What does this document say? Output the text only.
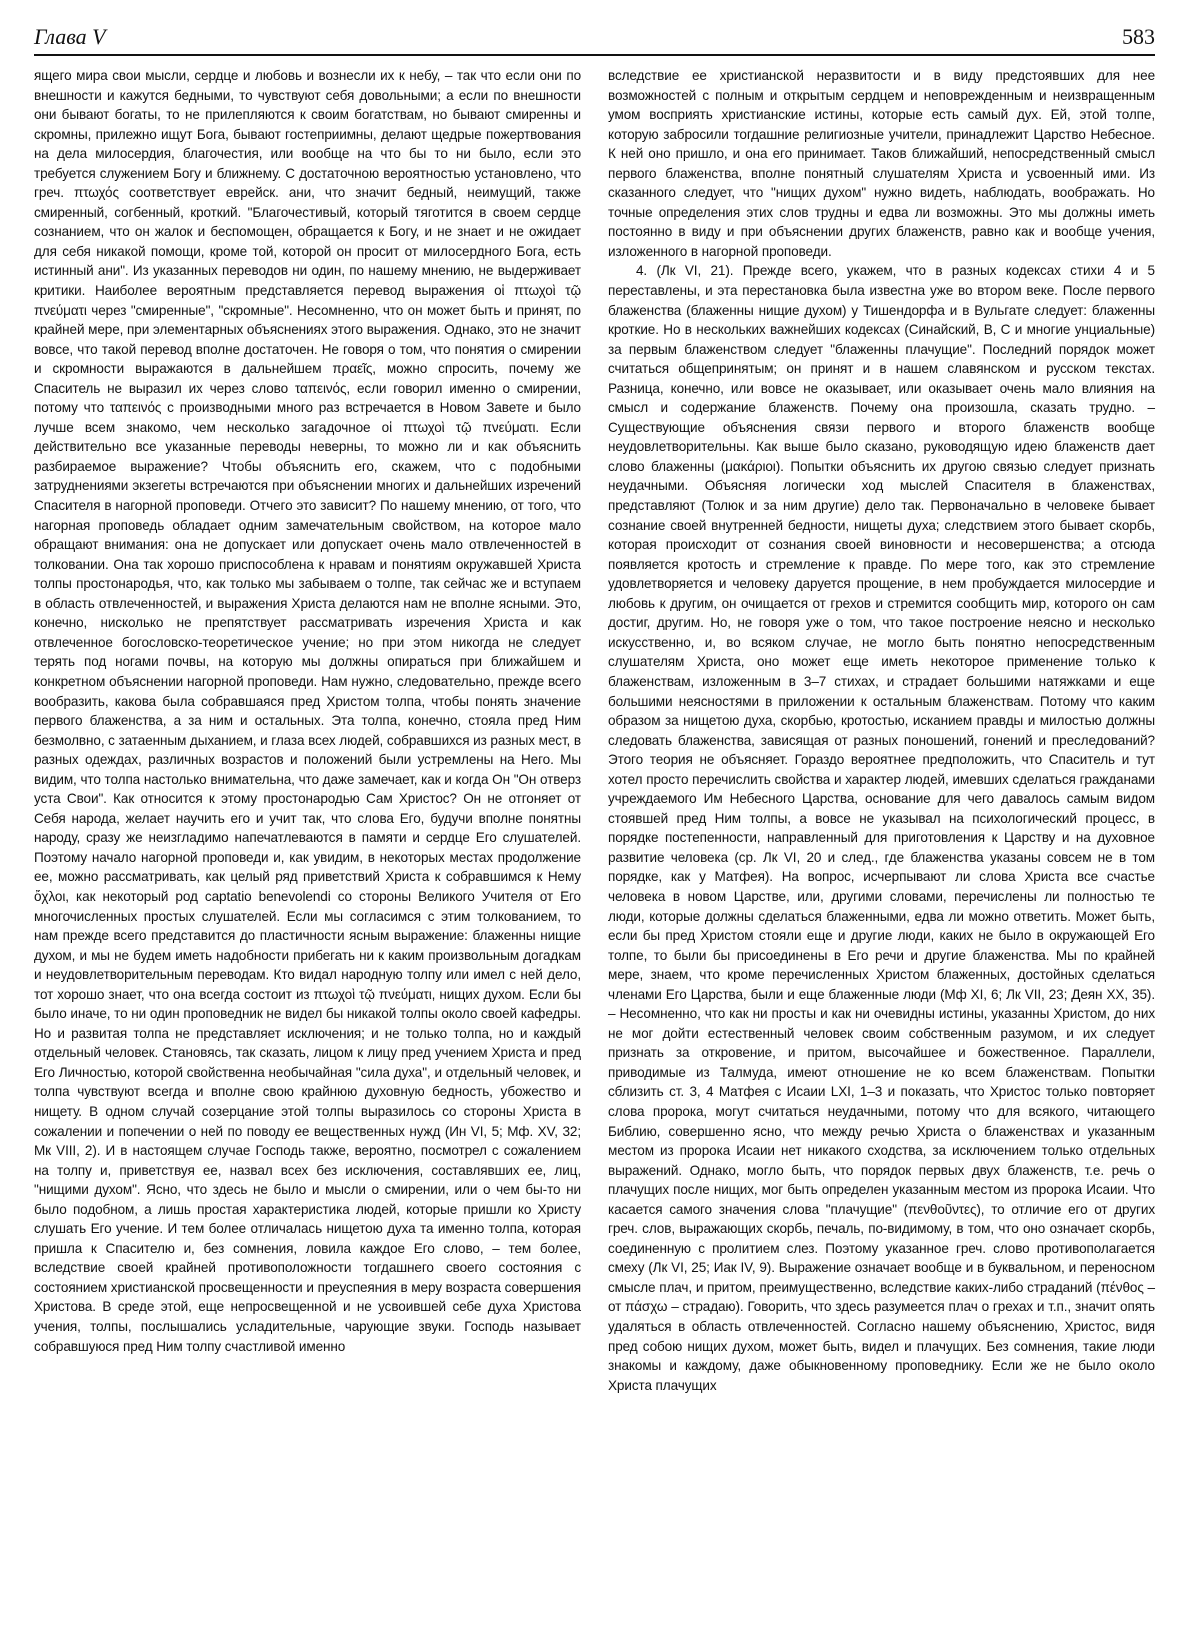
Глава V	583

ящего мира свои мысли, сердце и любовь и вознесли их к небу, – так что если они по внешности и кажутся бедными, то чувствуют себя довольными; а если по внешности они бывают богаты, то не прилепляются к своим богатствам, но бывают смиренны и скромны, прилежно ищут Бога, бывают гостеприимны, делают щедрые пожертвования на дела милосердия, благочестия, или вообще на что бы то ни было, если это требуется служением Богу и ближнему. С достаточною вероятностью установлено, что греч. πτωχός соответствует еврейск. ани, что значит бедный, неимущий, также смиренный, согбенный, кроткий. "Благочестивый, который тяготится в своем сердце сознанием, что он жалок и беспомощен, обращается к Богу, и не знает и не ожидает для себя никакой помощи, кроме той, которой он просит от милосердного Бога, есть истинный ани". Из указанных переводов ни один, по нашему мнению, не выдерживает критики. Наиболее вероятным представляется перевод выражения οἱ πτωχοὶ τῷ πνεύματι через "смиренные", "скромные". Несомненно, что он может быть и принят, по крайней мере, при элементарных объяснениях этого выражения. Однако, это не значит вовсе, что такой перевод вполне достаточен. Не говоря о том, что понятия о смирении и скромности выражаются в дальнейшем πραεῖς, можно спросить, почему же Спаситель не выразил их через слово ταπεινός, если говорил именно о смирении, потому что ταπεινός с производными много раз встречается в Новом Завете и было лучше всем знакомо, чем несколько загадочное οἱ πτωχοὶ τῷ πνεύματι. Если действительно все указанные переводы неверны, то можно ли и как объяснить разбираемое выражение? Чтобы объяснить его, скажем, что с подобными затруднениями экзегеты встречаются при объяснении многих и дальнейших изречений Спасителя в нагорной проповеди. Отчего это зависит? По нашему мнению, от того, что нагорная проповедь обладает одним замечательным свойством, на которое мало обращают внимания: она не допускает или допускает очень мало отвлеченностей в толковании. Она так хорошо приспособлена к нравам и понятиям окружавшей Христа толпы простонародья, что, как только мы забываем о толпе, так сейчас же и вступаем в область отвлеченностей, и выражения Христа делаются нам не вполне ясными. Это, конечно, нисколько не препятствует рассматривать изречения Христа и как отвлеченное богословско-теоретическое учение; но при этом никогда не следует терять под ногами почвы, на которую мы должны опираться при ближайшем и конкретном объяснении нагорной проповеди. Нам нужно, следовательно, прежде всего вообразить, какова была собравшаяся пред Христом толпа, чтобы понять значение первого блаженства, а за ним и остальных. Эта толпа, конечно, стояла пред Ним безмолвно, с затаенным дыханием, и глаза всех людей, собравшихся из разных мест, в разных одеждах, различных возрастов и положений были устремлены на Него. Мы видим, что толпа настолько внимательна, что даже замечает, как и когда Он "Он отверз уста Свои". Как относится к этому простонародью Сам Христос? Он не отгоняет от Себя народа, желает научить его и учит так, что слова Его, будучи вполне понятны народу, сразу же неизгладимо напечатлеваются в памяти и сердце Его слушателей. Поэтому начало нагорной проповеди и, как увидим, в некоторых местах продолжение ее, можно рассматривать, как целый ряд приветствий Христа к собравшимся к Нему ὄχλοι, как некоторый род captatio benevolendi со стороны Великого Учителя от Его многочисленных простых слушателей. Если мы согласимся с этим толкованием, то нам прежде всего представится до пластичности ясным выражение: блаженны нищие духом, и мы не будем иметь надобности прибегать ни к каким произвольным догадкам и неудовлетворительным переводам. Кто видал народную толпу или имел с ней дело, тот хорошо знает, что она всегда состоит из πτωχοὶ τῷ πνεύματι, нищих духом. Если бы было иначе, то ни один проповедник не видел бы никакой толпы около своей кафедры. Но и развитая толпа не представляет исключения; и не только толпа, но и каждый отдельный человек. Становясь, так сказать, лицом к лицу пред учением Христа и пред Его Личностью, которой свойственна необычайная "сила духа", и отдельный человек, и толпа чувствуют всегда и вполне свою крайнюю духовную бедность, убожество и нищету. В одном случай созерцание этой толпы выразилось со стороны Христа в сожалении и попечении о ней по поводу ее вещественных нужд (Ин VI, 5; Мф. XV, 32; Мк VIII, 2). И в настоящем случае Господь также, вероятно, посмотрел с сожалением на толпу и, приветствуя ее, назвал всех без исключения, составлявших ее, лиц, "нищими духом". Ясно, что здесь не было и мысли о смирении, или о чем бы-то ни было подобном, а лишь простая характеристика людей, которые пришли ко Христу слушать Его учение. И тем более отличалась нищетою духа та именно толпа, которая пришла к Спасителю и, без сомнения, ловила каждое Его слово, – тем более, вследствие своей крайней противоположности тогдашнего своего состояния с состоянием христианской просвещенности и преуспеяния в меру возраста совершения Христова. В среде этой, еще непросвещенной и не усвоившей себе духа Христова учения, толпы, послышались усладительные, чарующие звуки. Господь называет собравшуюся пред Ним толпу счастливой именно

вследствие ее христианской неразвитости и в виду предстоявших для нее возможностей с полным и открытым сердцем и неповрежденным и неизвращенным умом восприять христианские истины, которые есть самый дух. Ей, этой толпе, которую забросили тогдашние религиозные учители, принадлежит Царство Небесное. К ней оно пришло, и она его принимает. Таков ближайший, непосредственный смысл первого блаженства, вполне понятный слушателям Христа и усвоенный ими. Из сказанного следует, что "нищих духом" нужно видеть, наблюдать, воображать. Но точные определения этих слов трудны и едва ли возможны. Это мы должны иметь постоянно в виду и при объяснении других блаженств, равно как и вообще учения, изложенного в нагорной проповеди.

4. (Лк VI, 21). Прежде всего, укажем, что в разных кодексах стихи 4 и 5 переставлены, и эта перестановка была известна уже во втором веке. После первого блаженства (блаженны нищие духом) у Тишендорфа и в Вульгате следует: блаженны кроткие. Но в нескольких важнейших кодексах (Синайский, B, C и многие унциальные) за первым блаженством следует "блаженны плачущие". Последний порядок может считаться общепринятым; он принят и в нашем славянском и русском текстах. Разница, конечно, или вовсе не оказывает, или оказывает очень мало влияния на смысл и содержание блаженств. Почему она произошла, сказать трудно. – Существующие объяснения связи первого и второго блаженств вообще неудовлетворительны. Как выше было сказано, руководящую идею блаженств дает слово блаженны (μακάριοι). Попытки объяснить их другою связью следует признать неудачными. Объясняя логически ход мыслей Спасителя в блаженствах, представляют (Толюк и за ним другие) дело так. Первоначально в человеке бывает сознание своей внутренней бедности, нищеты духа; следствием этого бывает скорбь, которая происходит от сознания своей виновности и несовершенства; а отсюда появляется кротость и стремление к правде. По мере того, как это стремление удовлетворяется и человеку даруется прощение, в нем пробуждается милосердие и любовь к другим, он очищается от грехов и стремится сообщить мир, которого он сам достиг, другим. Но, не говоря уже о том, что такое построение неясно и несколько искусственно, и, во всяком случае, не могло быть понятно непосредственным слушателям Христа, оно может еще иметь некоторое применение только к блаженствам, изложенным в 3–7 стихах, и страдает большими натяжками и еще большими неясностями в приложении к остальным блаженствам. Потому что каким образом за нищетою духа, скорбью, кротостью, исканием правды и милостью должны следовать блаженства, зависящая от разных поношений, гонений и преследований? Этого теория не объясняет. Гораздо вероятнее предположить, что Спаситель и тут хотел просто перечислить свойства и характер людей, имевших сделаться гражданами учреждаемого Им Небесного Царства, основание для чего давалось самым видом стоявшей пред Ним толпы, а вовсе не указывал на психологический процесс, в порядке постепенности, направленный для приготовления к Царству и на духовное развитие человека (ср. Лк VI, 20 и след., где блаженства указаны совсем не в том порядке, как у Матфея). На вопрос, исчерпывают ли слова Христа все счастье человека в новом Царстве, или, другими словами, перечислены ли полностью те люди, которые должны сделаться блаженными, едва ли можно ответить. Может быть, если бы пред Христом стояли еще и другие люди, каких не было в окружающей Его толпе, то были бы присоединены в Его речи и другие блаженства. Мы по крайней мере, знаем, что кроме перечисленных Христом блаженных, достойных сделаться членами Его Царства, были и еще блаженные люди (Мф XI, 6; Лк VII, 23; Деян XX, 35). – Несомненно, что как ни просты и как ни очевидны истины, указанны Христом, до них не мог дойти естественный человек своим собственным разумом, и их следует признать за откровение, и притом, высочайшее и божественное. Параллели, приводимые из Талмуда, имеют отношение не ко всем блаженствам. Попытки сблизить ст. 3, 4 Матфея с Исаии LXI, 1–3 и показать, что Христос только повторяет слова пророка, могут считаться неудачными, потому что для всякого, читающего Библию, совершенно ясно, что между речью Христа о блаженствах и указанным местом из пророка Исаии нет никакого сходства, за исключением только отдельных выражений. Однако, могло быть, что порядок первых двух блаженств, т.е. речь о плачущих после нищих, мог быть определен указанным местом из пророка Исаии. Что касается самого значения слова "плачущие" (πενθοῦντες), то отличие его от других греч. слов, выражающих скорбь, печаль, по-видимому, в том, что оно означает скорбь, соединенную с пролитием слез. Поэтому указанное греч. слово противополагается смеху (Лк VI, 25; Иак IV, 9). Выражение означает вообще и в буквальном, и переносном смысле плач, и притом, преимущественно, вследствие каких-либо страданий (πένθος – от πάσχω – страдаю). Говорить, что здесь разумеется плач о грехах и т.п., значит опять удаляться в область отвлеченностей. Согласно нашему объяснению, Христос, видя пред собою нищих духом, может быть, видел и плачущих. Без сомнения, такие люди знакомы и каждому, даже обыкновенному проповеднику. Если же не было около Христа плачущих
